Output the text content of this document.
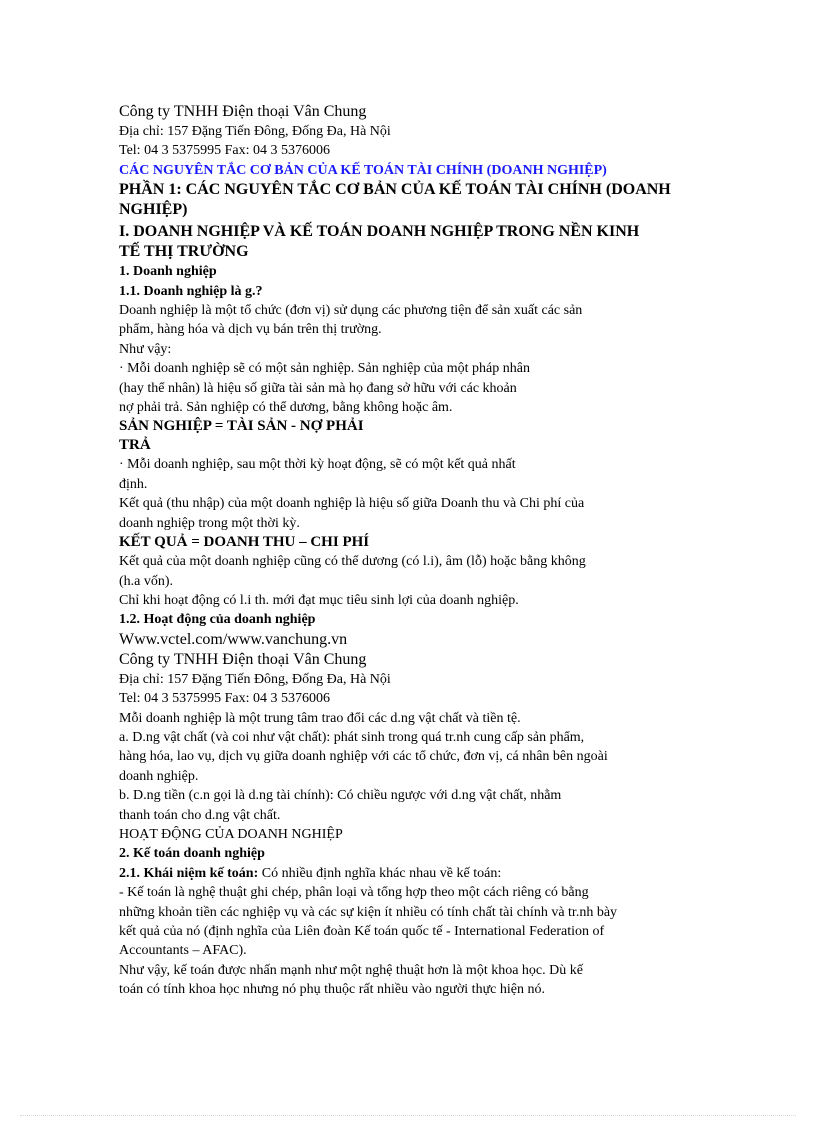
Công ty TNHH Điện thoại Vân Chung
Địa chỉ: 157 Đặng Tiến Đông, Đống Đa, Hà Nội
Tel: 04 3 5375995 Fax: 04 3 5376006
CÁC NGUYÊN TẮC CƠ BẢN CỦA KẾ TOÁN TÀI CHÍNH (DOANH NGHIỆP)
PHẦN 1: CÁC NGUYÊN TẮC CƠ BẢN CỦA KẾ TOÁN TÀI CHÍNH (DOANH
NGHIỆP)
I. DOANH NGHIỆP VÀ KẾ TOÁN DOANH NGHIỆP TRONG NỀN KINH
TẾ THỊ TRƯỜNG
1. Doanh nghiệp
1.1. Doanh nghiệp là g.?
Doanh nghiệp là một tổ chức (đơn vị) sử dụng các phương tiện để sản xuất các sản
phẩm, hàng hóa và dịch vụ bán trên thị trường.
Như vậy:
· Mỗi doanh nghiệp sẽ có một sản nghiệp. Sản nghiệp của một pháp nhân
(hay thể nhân) là hiệu số giữa tài sản mà họ đang sở hữu với các khoản
nợ phải trả. Sản nghiệp có thể dương, bằng không hoặc âm.
SẢN NGHIỆP = TÀI SẢN - NỢ PHẢI
TRẢ
· Mỗi doanh nghiệp, sau một thời kỳ hoạt động, sẽ có một kết quả nhất
định.
Kết quả (thu nhập) của một doanh nghiệp là hiệu số giữa Doanh thu và Chi phí của
doanh nghiệp trong một thời kỳ.
KẾT QUẢ = DOANH THU – CHI PHÍ
Kết quả của một doanh nghiệp cũng có thể dương (có l.i), âm (lỗ) hoặc bằng không
(h.a vốn).
Chỉ khi hoạt động có l.i th. mới đạt mục tiêu sinh lợi của doanh nghiệp.
1.2. Hoạt động của doanh nghiệp
Www.vctel.com/www.vanchung.vn
Công ty TNHH Điện thoại Vân Chung
Địa chỉ: 157 Đặng Tiến Đông, Đống Đa, Hà Nội
Tel: 04 3 5375995 Fax: 04 3 5376006
Mỗi doanh nghiệp là một trung tâm trao đổi các d.ng vật chất và tiền tệ.
a. D.ng vật chất (và coi như vật chất): phát sinh trong quá tr.nh cung cấp sản phẩm,
hàng hóa, lao vụ, dịch vụ giữa doanh nghiệp với các tổ chức, đơn vị, cá nhân bên ngoài
doanh nghiệp.
b. D.ng tiền (c.n gọi là d.ng tài chính): Có chiều ngược với d.ng vật chất, nhằm
thanh toán cho d.ng vật chất.
HOẠT ĐỘNG CỦA DOANH NGHIỆP
2. Kế toán doanh nghiệp
2.1. Khái niệm kế toán: Có nhiều định nghĩa khác nhau về kế toán:
- Kế toán là nghệ thuật ghi chép, phân loại và tổng hợp theo một cách riêng có bằng
những khoản tiền các nghiệp vụ và các sự kiện ít nhiều có tính chất tài chính và tr.nh bày
kết quả của nó (định nghĩa của Liên đoàn Kế toán quốc tế - International Federation of
Accountants – AFAC).
Như vậy, kế toán được nhấn mạnh như một nghệ thuật hơn là một khoa học. Dù kế
toán có tính khoa học nhưng nó phụ thuộc rất nhiều vào người thực hiện nó.
